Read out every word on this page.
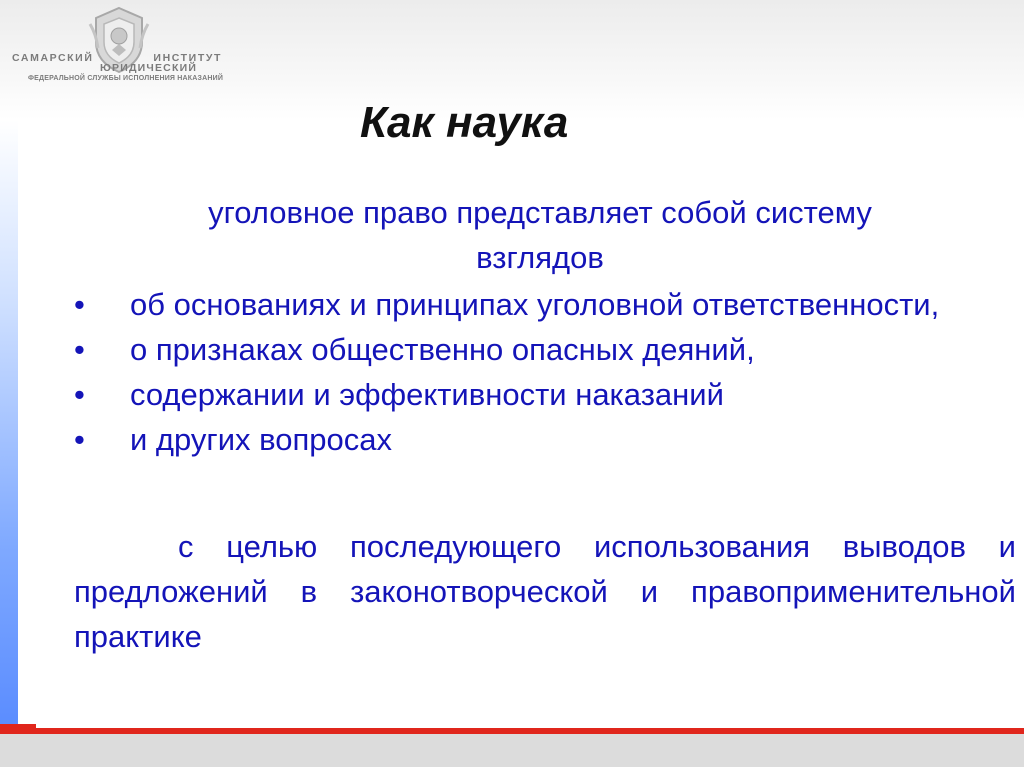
САМАРСКИЙ	ИНСТИТУТ
ЮРИДИЧЕСКИЙ
ФЕДЕРАЛЬНОЙ СЛУЖБЫ ИСПОЛНЕНИЯ НАКАЗАНИЙ
Как наука
уголовное право представляет собой систему
взглядов
• об основаниях и принципах уголовной ответственности,
• о признаках общественно опасных деяний,
• содержании и эффективности наказаний
• и других вопросах
с целью последующего использования выводов и предложений в законотворческой и правоприменительной практике
